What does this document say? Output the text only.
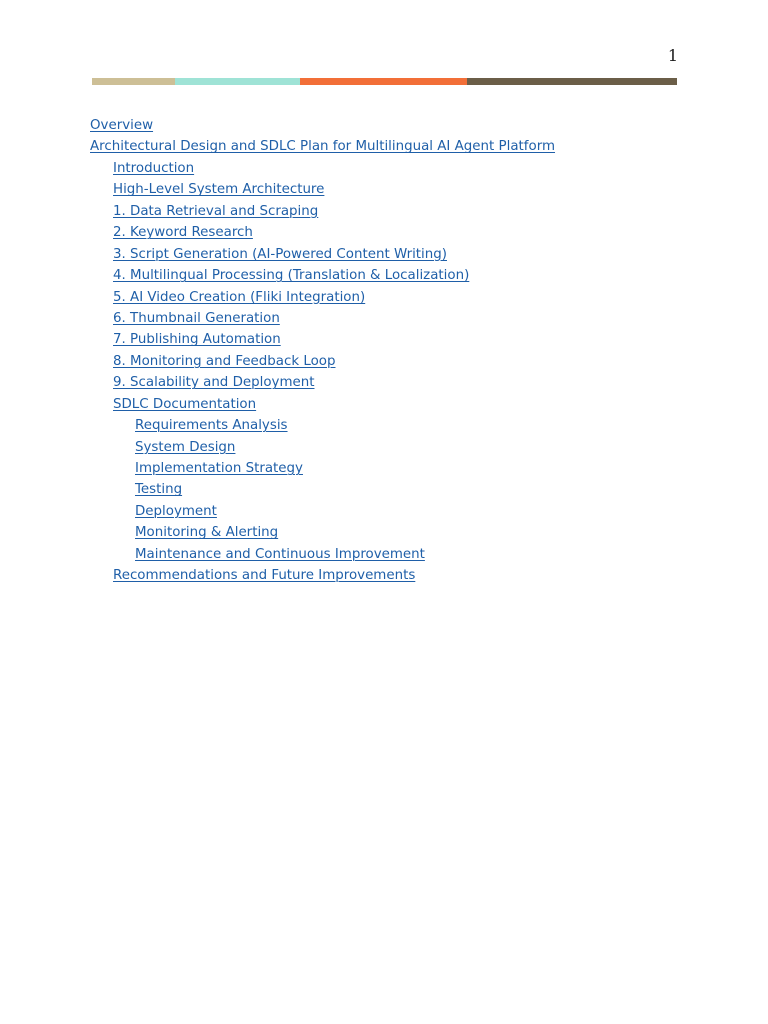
1
Overview
Architectural Design and SDLC Plan for Multilingual AI Agent Platform
Introduction
High-Level System Architecture
1. Data Retrieval and Scraping
2. Keyword Research
3. Script Generation (AI-Powered Content Writing)
4. Multilingual Processing (Translation & Localization)
5. AI Video Creation (Fliki Integration)
6. Thumbnail Generation
7. Publishing Automation
8. Monitoring and Feedback Loop
9. Scalability and Deployment
SDLC Documentation
Requirements Analysis
System Design
Implementation Strategy
Testing
Deployment
Monitoring & Alerting
Maintenance and Continuous Improvement
Recommendations and Future Improvements
